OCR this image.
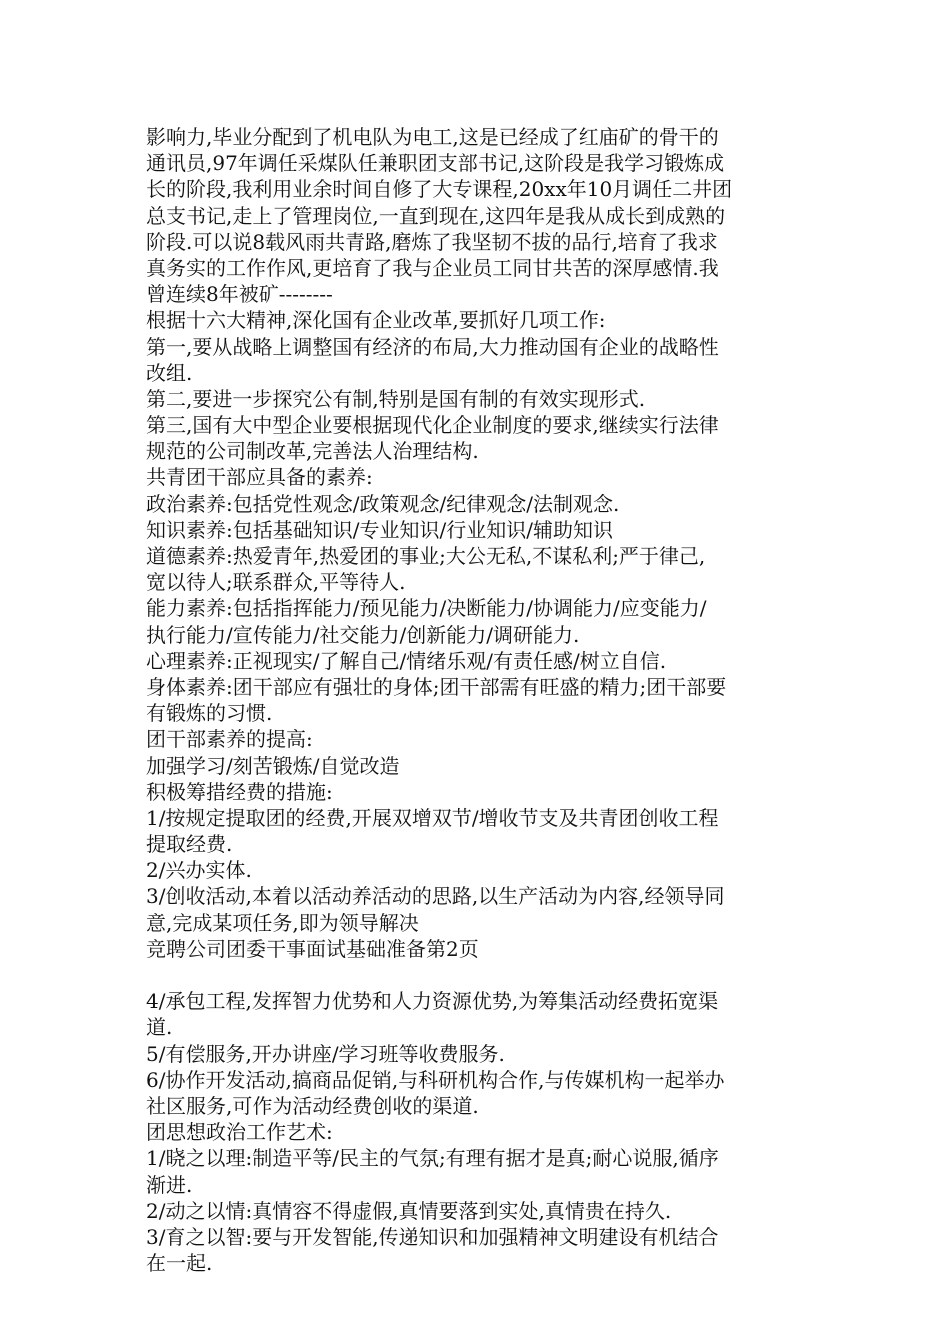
影响力,毕业分配到了机电队为电工,这是已经成了红庙矿的骨干的
通讯员,97年调任采煤队任兼职团支部书记,这阶段是我学习锻炼成
长的阶段,我利用业余时间自修了大专课程,20xx年10月调任二井团
总支书记,走上了管理岗位,一直到现在,这四年是我从成长到成熟的
阶段.可以说8载风雨共青路,磨炼了我坚韧不拔的品行,培育了我求
真务实的工作作风,更培育了我与企业员工同甘共苦的深厚感情.我
曾连续8年被矿--------
根据十六大精神,深化国有企业改革,要抓好几项工作:
第一,要从战略上调整国有经济的布局,大力推动国有企业的战略性
改组.
第二,要进一步探究公有制,特别是国有制的有效实现形式.
第三,国有大中型企业要根据现代化企业制度的要求,继续实行法律
规范的公司制改革,完善法人治理结构.
共青团干部应具备的素养:
政治素养:包括党性观念/政策观念/纪律观念/法制观念.
知识素养:包括基础知识/专业知识/行业知识/辅助知识
道德素养:热爱青年,热爱团的事业;大公无私,不谋私利;严于律己,
宽以待人;联系群众,平等待人.
能力素养:包括指挥能力/预见能力/决断能力/协调能力/应变能力/
执行能力/宣传能力/社交能力/创新能力/调研能力.
心理素养:正视现实/了解自己/情绪乐观/有责任感/树立自信.
身体素养:团干部应有强壮的身体;团干部需有旺盛的精力;团干部要
有锻炼的习惯.
团干部素养的提高:
加强学习/刻苦锻炼/自觉改造
积极筹措经费的措施:
1/按规定提取团的经费,开展双增双节/增收节支及共青团创收工程
提取经费.
2/兴办实体.
3/创收活动,本着以活动养活动的思路,以生产活动为内容,经领导同
意,完成某项任务,即为领导解决
竞聘公司团委干事面试基础准备第2页
4/承包工程,发挥智力优势和人力资源优势,为筹集活动经费拓宽渠
道.
5/有偿服务,开办讲座/学习班等收费服务.
6/协作开发活动,搞商品促销,与科研机构合作,与传媒机构一起举办
社区服务,可作为活动经费创收的渠道.
团思想政治工作艺术:
1/晓之以理:制造平等/民主的气氛;有理有据才是真;耐心说服,循序
渐进.
2/动之以情:真情容不得虚假,真情要落到实处,真情贵在持久.
3/育之以智:要与开发智能,传递知识和加强精神文明建设有机结合
在一起.
